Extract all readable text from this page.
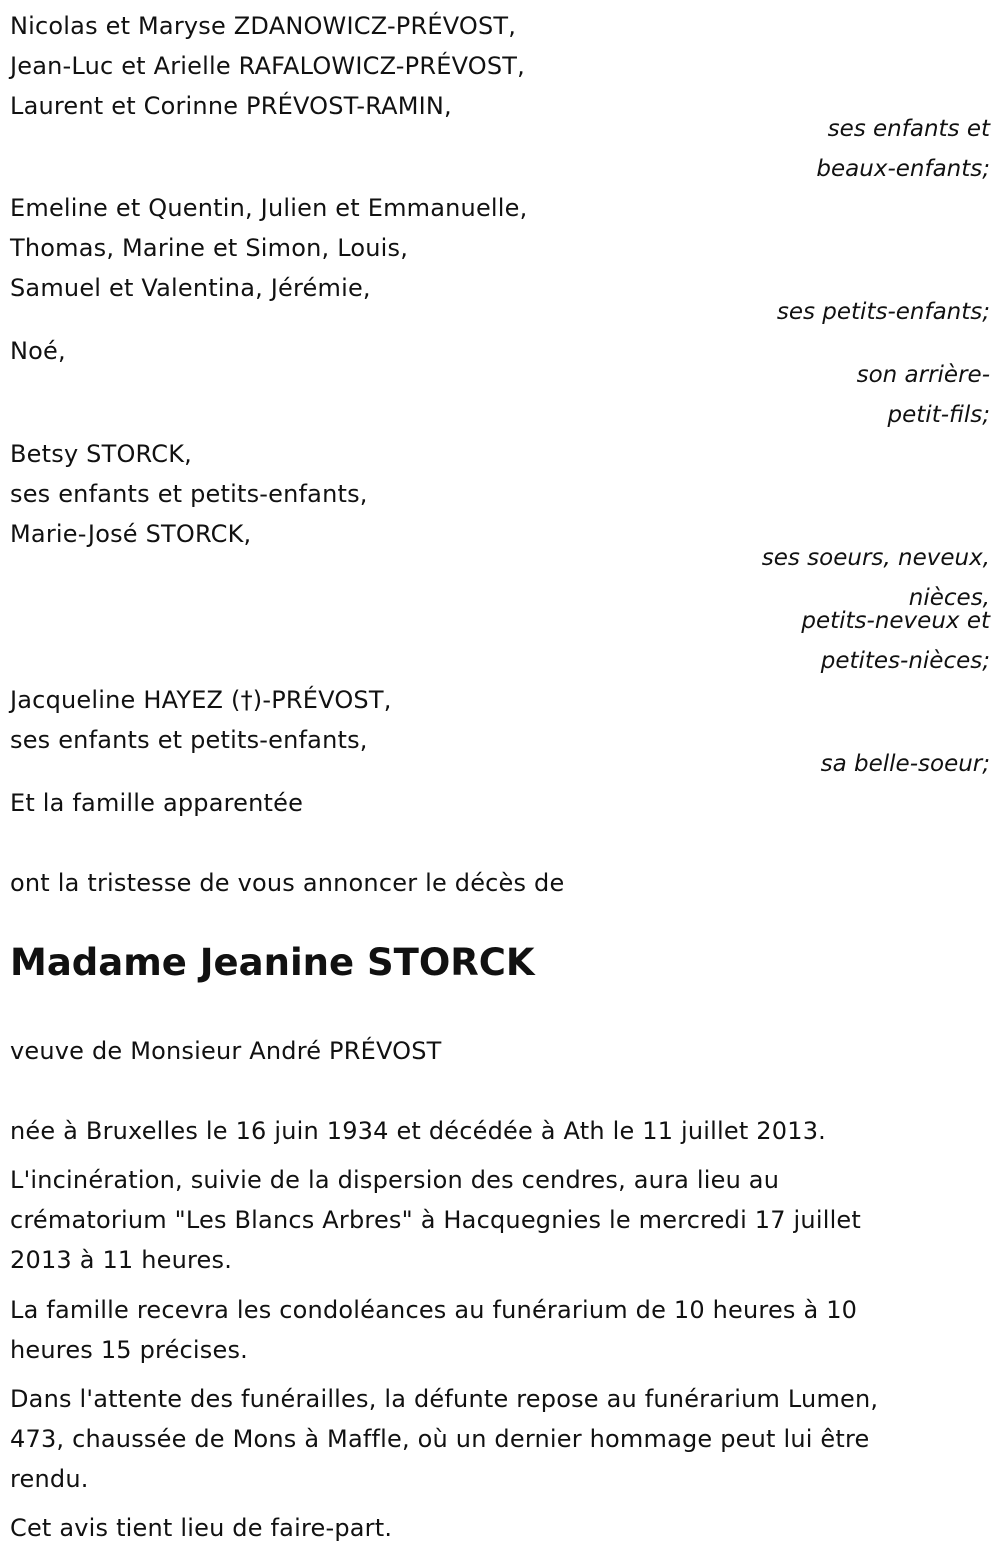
Nicolas et Maryse ZDANOWICZ-PRÉVOST,
Jean-Luc et Arielle RAFALOWICZ-PRÉVOST,
Laurent et Corinne PRÉVOST-RAMIN,
ses enfants et
beaux-enfants;
Emeline et Quentin, Julien et Emmanuelle,
Thomas, Marine et Simon, Louis,
Samuel et Valentina, Jérémie,
ses petits-enfants;
Noé,
son arrière-
petit-fils;
Betsy STORCK,
ses enfants et petits-enfants,
Marie-José STORCK,
ses soeurs, neveux,
nièces,
petits-neveux et
petites-nièces;
Jacqueline HAYEZ (†)-PRÉVOST,
ses enfants et petits-enfants,
sa belle-soeur;
Et la famille apparentée
ont la tristesse de vous annoncer le décès de
Madame Jeanine STORCK
veuve de Monsieur André PRÉVOST
née à Bruxelles le 16 juin 1934 et décédée à Ath le 11 juillet 2013.
L'incinération, suivie de la dispersion des cendres, aura lieu au
crématorium "Les Blancs Arbres" à Hacquegnies le mercredi 17 juillet
2013 à 11 heures.
La famille recevra les condoléances au funérarium de 10 heures à 10
heures 15 précises.
Dans l'attente des funérailles, la défunte repose au funérarium Lumen,
473, chaussée de Mons à Maffle, où un dernier hommage peut lui être
rendu.
Cet avis tient lieu de faire-part.
